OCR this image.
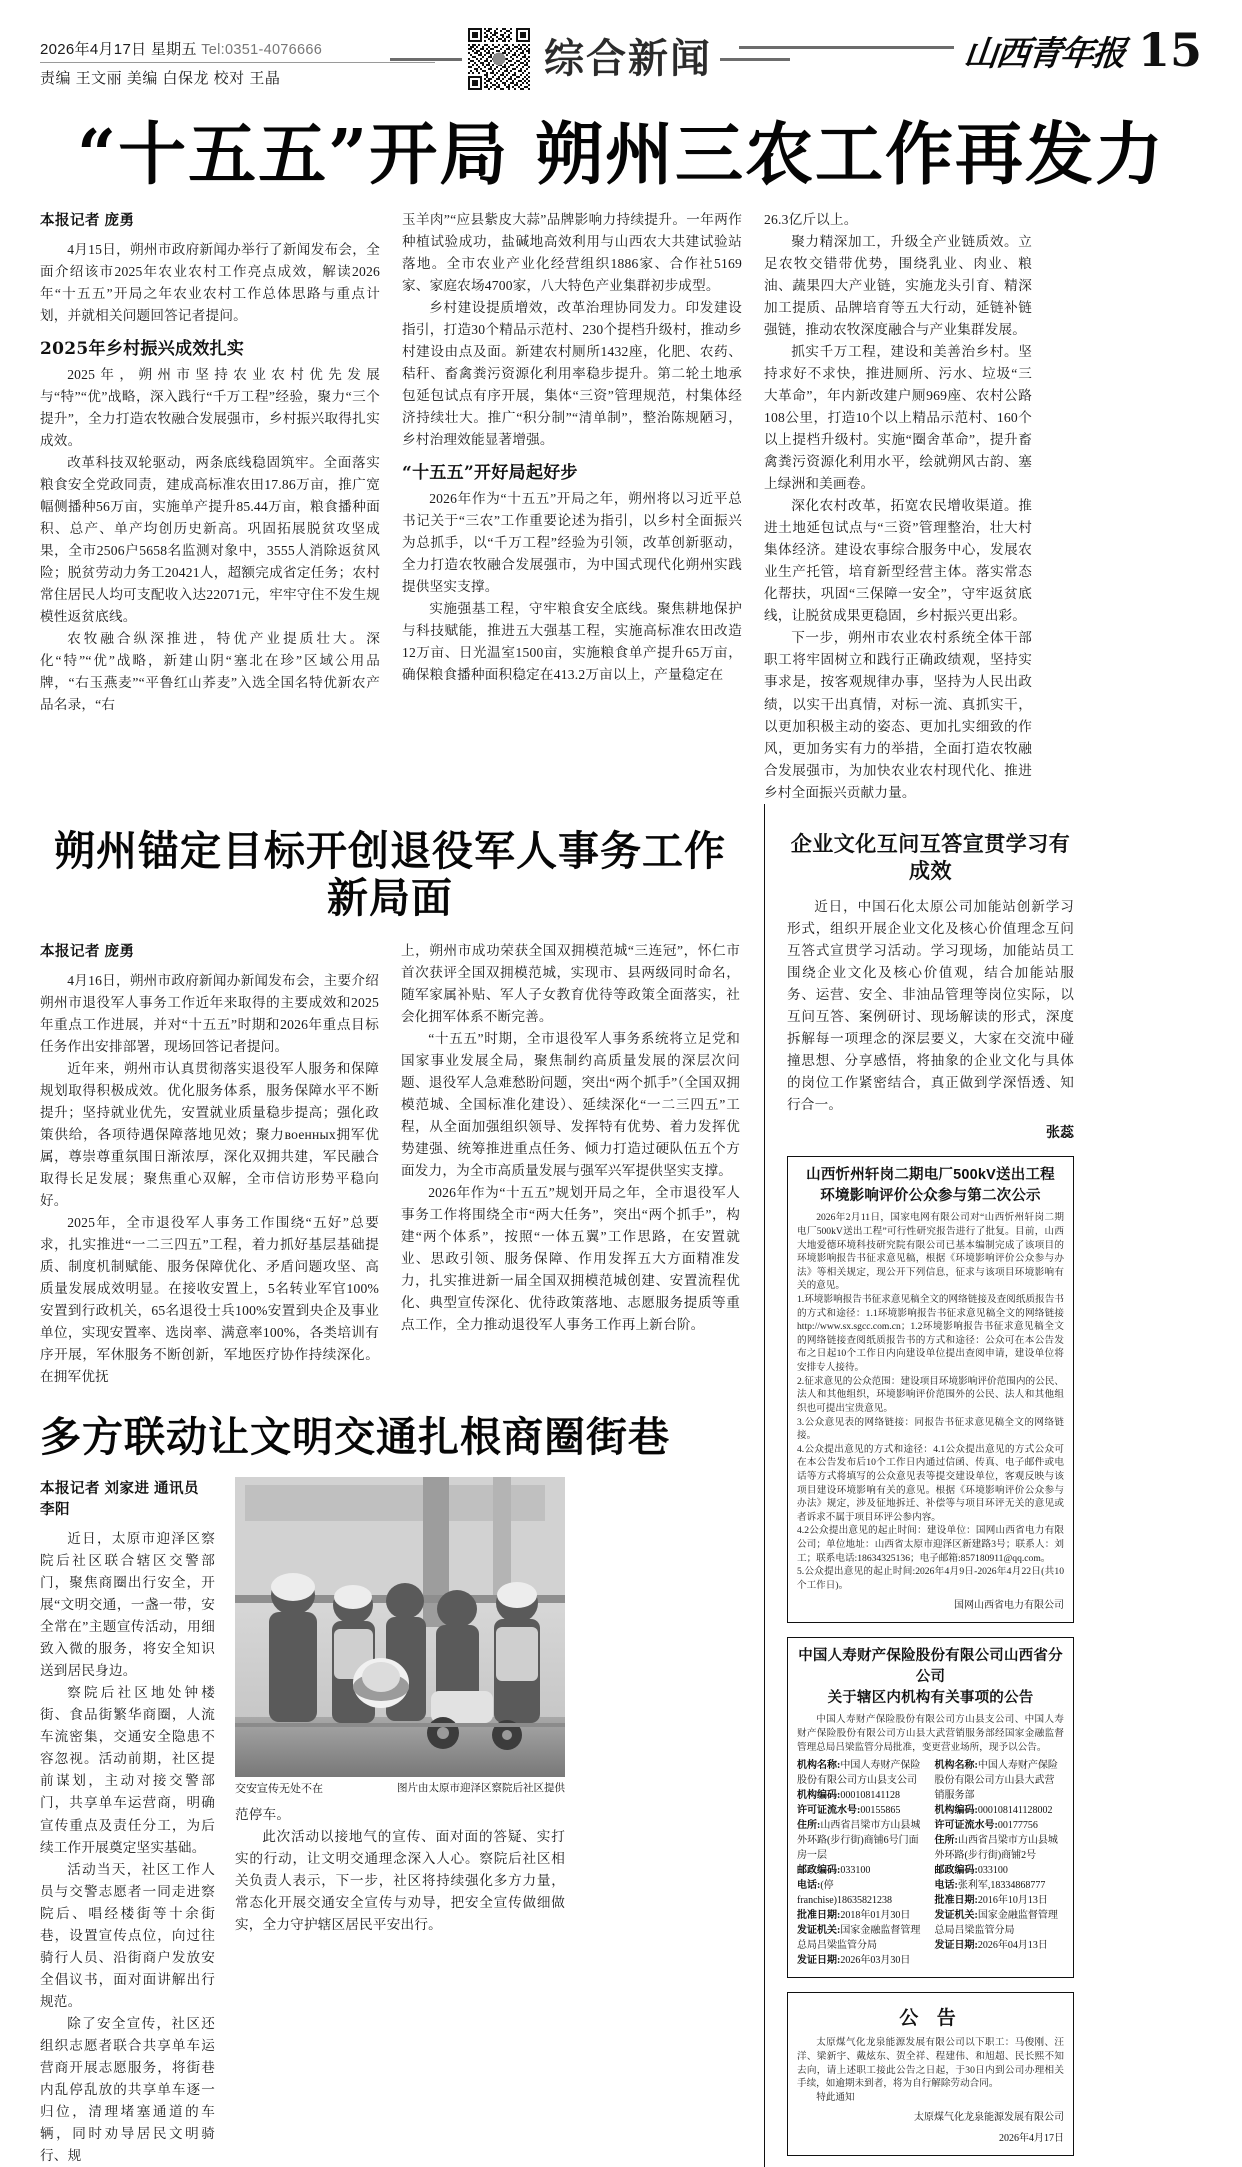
2026年4月17日 星期五 Tel:0351-4076666
责编 王文丽 美编 白保龙 校对 王晶	综合新闻	山西青年报 15
“十五五”开局 朔州三农工作再发力
本报记者 庞勇

4月15日，朔州市政府新闻办举行了新闻发布会，全面介绍该市2025年农业农村工作亮点成效，解读2026年“十五五”开局之年农业农村工作总体思路与重点计划，并就相关问题回答记者提问。

2025年乡村振兴成效扎实

2025年，朔州市坚持农业农村优先发展与“特”“优”战略，深入践行“千万工程”经验，聚力“三个提升”，全力打造农牧融合发展强市，乡村振兴取得扎实成效。

改革科技双轮驱动，两条底线稳固筑牢。全面落实粮食安全党政同责，建成高标准农田17.86万亩，推广宽幅侧播种56万亩，实施单产提升85.44万亩，粮食播种面积、总产、单产均创历史新高。巩固拓展脱贫攻坚成果，全市2506户5658名监测对象中，3555人消除返贫风险；脱贫劳动力务工20421人，超额完成省定任务；农村常住居民人均可支配收入达22071元，牢牢守住不发生规模性返贫底线。

农牧融合纵深推进，特优产业提质壮大。深化“特”“优”战略，新建山阴“塞北在珍”区域公用品牌，“右玉燕麦”“平鲁红山荞麦”入选全国名特优新农产品名录，“右

玉羊肉”“应县紫皮大蒜”品牌影响力持续提升。一年两作种植试验成功，盐碱地高效利用与山西农大共建试验站落地。全市农业产业化经营组织1886家、合作社5169家、家庭农场4700家，八大特色产业集群初步成型。

乡村建设提质增效，改革治理协同发力。印发建设指引，打造30个精品示范村、230个提档升级村，推动乡村建设由点及面。新建农村厕所1432座，化肥、农药、秸秆、畜禽粪污资源化利用率稳步提升。第二轮土地承包延包试点有序开展，集体“三资”管理规范，村集体经济持续壮大。推广“积分制”“清单制”，整治陈规陋习，乡村治理效能显著增强。

“十五五”开好局起好步

2026年作为“十五五”开局之年，朔州将以习近平总书记关于“三农”工作重要论述为指引，以乡村全面振兴为总抓手，以“千万工程”经验为引领，改革创新驱动，全力打造农牧融合发展强市，为中国式现代化朔州实践提供坚实支撑。

实施强基工程，守牢粮食安全底线。聚焦耕地保护与科技赋能，推进五大强基工程，实施高标准农田改造12万亩、日光温室1500亩，实施粮食单产提升65万亩，确保粮食播种面积稳定在413.2万亩以上，产量稳定在

26.3亿斤以上。

聚力精深加工，升级全产业链质效。立足农牧交错带优势，围绕乳业、肉业、粮油、蔬果四大产业链，实施龙头引育、精深加工提质、品牌培育等五大行动，延链补链强链，推动农牧深度融合与产业集群发展。

抓实千万工程，建设和美善治乡村。坚持求好不求快，推进厕所、污水、垃圾“三大革命”，年内新改建户厕969座、农村公路108公里，打造10个以上精品示范村、160个以上提档升级村。实施“圈舍革命”，提升畜禽粪污资源化利用水平，绘就朔风古韵、塞上绿洲和美画卷。

深化农村改革，拓宽农民增收渠道。推进土地延包试点与“三资”管理整治，壮大村集体经济。建设农事综合服务中心，发展农业生产托管，培育新型经营主体。落实常态化帮扶，巩固“三保障一安全”，守牢返贫底线，让脱贫成果更稳固，乡村振兴更出彩。

下一步，朔州市农业农村系统全体干部职工将牢固树立和践行正确政绩观，坚持实事求是，按客观规律办事，坚持为人民出政绩，以实干出真情，对标一流、真抓实干，以更加积极主动的姿态、更加扎实细致的作风，更加务实有力的举措，全面打造农牧融合发展强市，为加快农业农村现代化、推进乡村全面振兴贡献力量。

朔州锚定目标开创退役军人事务工作新局面
本报记者 庞勇

4月16日，朔州市政府新闻办新闻发布会，主要介绍朔州市退役军人事务工作近年来取得的主要成效和2025年重点工作进展，并对“十五五”时期和2026年重点目标任务作出安排部署，现场回答记者提问。

近年来，朔州市认真贯彻落实退役军人服务和保障规划取得积极成效。优化服务体系，服务保障水平不断提升；坚持就业优先，安置就业质量稳步提高；强化政策供给，各项待遇保障落地见效；聚力военных拥军优属，尊崇尊重氛围日渐浓厚，深化双拥共建，军民融合取得长足发展；聚焦重心双解，全市信访形势平稳向好。

2025年，全市退役军人事务工作围绕“五好”总要求，扎实推进“一二三四五”工程，着力抓好基层基础提质、制度机制赋能、服务保障优化、矛盾问题攻坚、高质量发展成效明显。在接收安置上，5名转业军官100%安置到行政机关，65名退役士兵100%安置到央企及事业单位，实现安置率、选岗率、满意率100%，各类培训有序开展，军休服务不断创新，军地医疗协作持续深化。在拥军优抚

上，朔州市成功荣获全国双拥模范城“三连冠”，怀仁市首次获评全国双拥模范城，实现市、县两级同时命名，随军家属补贴、军人子女教育优待等政策全面落实，社会化拥军体系不断完善。

“十五五”时期，全市退役军人事务系统将立足党和国家事业发展全局，聚焦制约高质量发展的深层次问题、退役军人急难愁盼问题，突出“两个抓手”（全国双拥模范城、全国标准化建设）、延续深化“一二三四五”工程，从全面加强组织领导、发挥特有优势、着力发挥优势建强、统筹推进重点任务、倾力打造过硬队伍五个方面发力，为全市高质量发展与强军兴军提供坚实支撑。

2026年作为“十五五”规划开局之年，全市退役军人事务工作将围绕全市“两大任务”，突出“两个抓手”，构建“两个体系”，按照“一体五翼”工作思路，在安置就业、思政引领、服务保障、作用发挥五大方面精准发力，扎实推进新一届全国双拥模范城创建、安置流程优化、典型宣传深化、优待政策落地、志愿服务提质等重点工作，全力推动退役军人事务工作再上新台阶。

多方联动让文明交通扎根商圈街巷
本报记者 刘家进 通讯员 李阳

近日，太原市迎泽区察院后社区联合辖区交警部门，聚焦商圈出行安全，开展“文明交通，一盏一带，安全常在”主题宣传活动，用细致入微的服务，将安全知识送到居民身边。

察院后社区地处钟楼街、食品街繁华商圈，人流车流密集，交通安全隐患不容忽视。活动前期，社区提前谋划，主动对接交警部门，共享单车运营商，明确宣传重点及责任分工，为后续工作开展奠定坚实基础。

活动当天，社区工作人员与交警志愿者一同走进察院后、唱经楼街等十余街巷，设置宣传点位，向过往骑行人员、沿街商户发放安全倡议书，面对面讲解出行规范。

除了安全宣传，社区还组织志愿者联合共享单车运营商开展志愿服务，将街巷内乱停乱放的共享单车逐一归位，清理堵塞通道的车辆，同时劝导居民文明骑行、规

交安宣传无处不在	图片由太原市迎泽区察院后社区提供

范停车。

此次活动以接地气的宣传、面对面的答疑、实打实的行动，让文明交通理念深入人心。察院后社区相关负责人表示，下一步，社区将持续强化多方力量，常态化开展交通安全宣传与劝导，把安全宣传做细做实，全力守护辖区居民平安出行。

企业文化互问互答宣贯学习有成效

近日，中国石化太原公司加能站创新学习形式，组织开展企业文化及核心价值理念互问互答式宣贯学习活动。学习现场，加能站员工围绕企业文化及核心价值观，结合加能站服务、运营、安全、非油品管理等岗位实际，以互问互答、案例研讨、现场解读的形式，深度拆解每一项理念的深层要义，大家在交流中碰撞思想、分享感悟，将抽象的企业文化与具体的岗位工作紧密结合，真正做到学深悟透、知行合一。

张蕊
山西忻州轩岗二期电厂500kV送出工程
环境影响评价公众参与第二次公示

2026年2月11日，国家电网有限公司对“山西忻州轩岗二期电厂500kV送出工程”可行性研究报告进行了批复。目前，山西大地爱德环境科技研究院有限公司已基本编制完成了该项目的环境影响报告书征求意见稿，根据《环境影响评价公众参与办法》等相关规定，现公开下列信息，征求与该项目环境影响有关的意见。

1.环境影响报告书征求意见稿全文的网络链接及查阅纸质报告书的方式和途径：1.1环境影响报告书征求意见稿全文的网络链接http://www.sx.sgcc.com.cn；1.2环境影响报告书征求意见稿全文的网络链接查阅纸质报告书的方式和途径：公众可在本公告发布之日起10个工作日内向建设单位提出查阅申请，建设单位将安排专人接待。

2.征求意见的公众范围：建设项目环境影响评价范围内的公民、法人和其他组织，环境影响评价范围外的公民、法人和其他组织也可提出宝贵意见。

3.公众意见表的网络链接：同报告书征求意见稿全文的网络链接。

4.公众提出意见的方式和途径：4.1公众提出意见的方式公众可在本公告发布后10个工作日内通过信函、传真、电子邮件或电话等方式将填写的公众意见表等提交建设单位，客观反映与该项目建设环境影响有关的意见。根据《环境影响评价公众参与办法》规定，涉及征地拆迁、补偿等与项目环评无关的意见或者诉求不属于项目环评公参内容。

4.2公众提出意见的起止时间：建设单位：国网山西省电力有限公司；单位地址：山西省太原市迎泽区新建路3号；联系人：刘工；联系电话:18634325136；电子邮箱:857180911@qq.com。

5.公众提出意见的起止时间:2026年4月9日-2026年4月22日(共10个工作日)。

国网山西省电力有限公司
中国人寿财产保险股份有限公司山西省分公司
关于辖区内机构有关事项的公告

中国人寿财产保险股份有限公司方山县支公司、中国人寿财产保险股份有限公司方山县大武营销服务部经国家金融监督管理总局吕梁监管分局批准，变更营业场所，现予以公告。

机构名称:中国人寿财产保险股份有限公司方山县支公司
机构编码:000108141128
许可证流水号:00155865
住所:山西省吕梁市方山县城外环路(步行街)商铺6号门面房一层
邮政编码:033100
电话:(停franchise)18635821238
批准日期:2018年01月30日
发证机关:国家金融监督管理总局吕梁监管分局
发证日期:2026年03月30日
机构名称:中国人寿财产保险股份有限公司方山县大武营销服务部
机构编码:000108141128002
许可证流水号:00177756
住所:山西省吕梁市方山县城外环路(步行街)商铺2号
邮政编码:033100
电话:张利军,18334868777
批准日期:2016年10月13日
发证机关:国家金融监督管理总局吕梁监管分局
发证日期:2026年04月13日
公 告

太原煤气化龙泉能源发展有限公司以下职工：马俊刚、汪洋、梁新宇、戴炫东、贺全祥、程建伟、和旭超、民长熙不知去向，请上述职工接此公告之日起，于30日内到公司办理相关手续，如逾期未到者，将为自行解除劳动合同。

特此通知

太原煤气化龙泉能源发展有限公司
2026年4月17日
